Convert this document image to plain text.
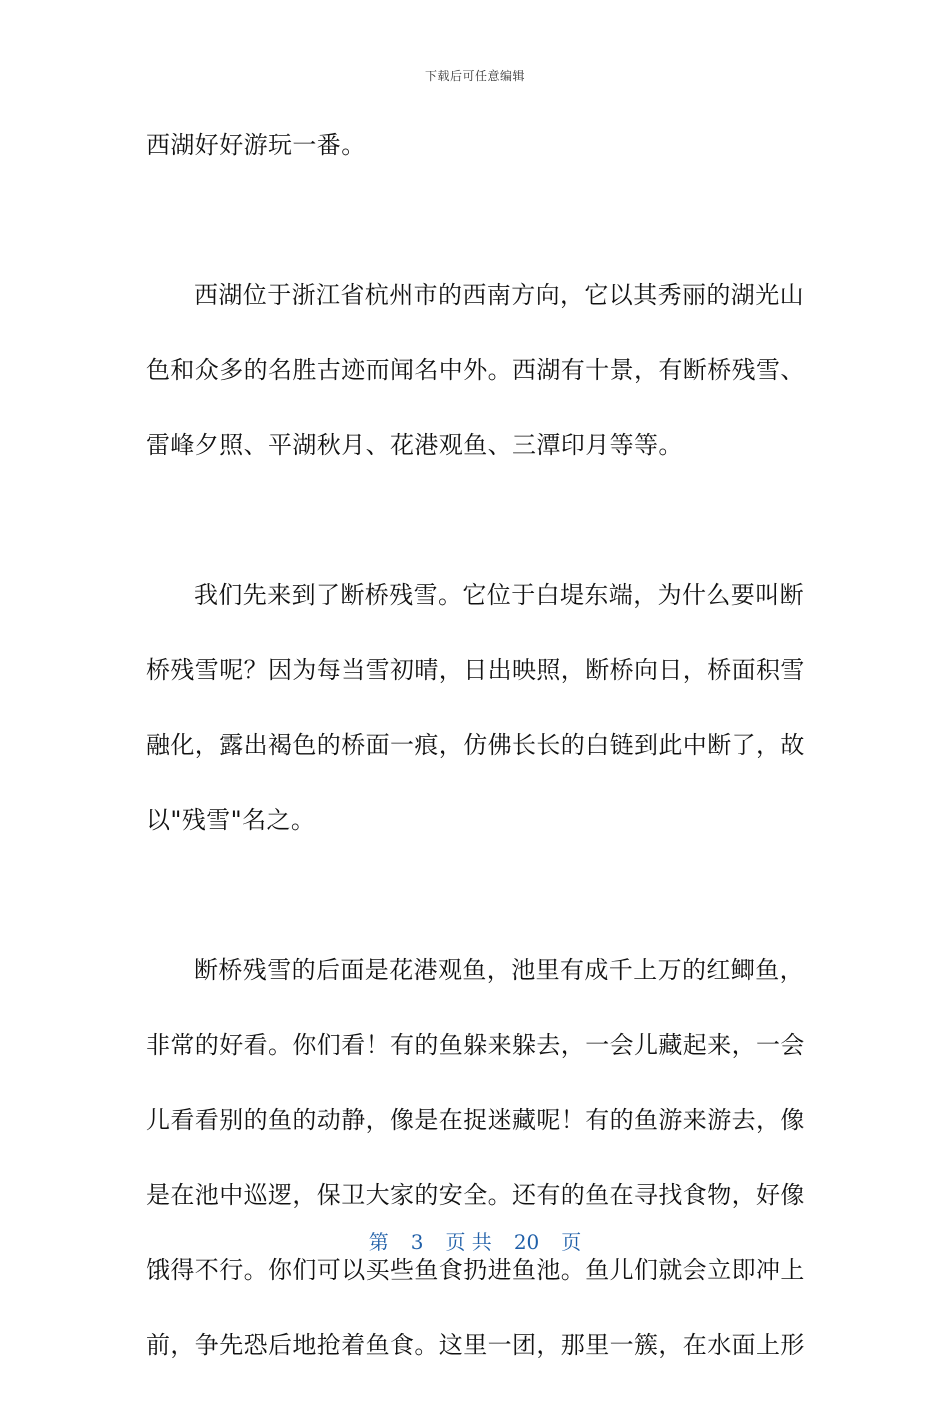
下载后可任意编辑
西湖好好游玩一番。
西湖位于浙江省杭州市的西南方向，它以其秀丽的湖光山
色和众多的名胜古迹而闻名中外。西湖有十景，有断桥残雪、
雷峰夕照、平湖秋月、花港观鱼、三潭印月等等。
我们先来到了断桥残雪。它位于白堤东端，为什么要叫断
桥残雪呢？因为每当雪初晴，日出映照，断桥向日，桥面积雪
融化，露出褐色的桥面一痕，仿佛长长的白链到此中断了，故
以"残雪"名之。
断桥残雪的后面是花港观鱼，池里有成千上万的红鲫鱼，
非常的好看。你们看！有的鱼躲来躲去，一会儿藏起来，一会
儿看看别的鱼的动静，像是在捉迷藏呢！有的鱼游来游去，像
是在池中巡逻，保卫大家的安全。还有的鱼在寻找食物，好像
饿得不行。你们可以买些鱼食扔进鱼池。鱼儿们就会立即冲上
前，争先恐后地抢着鱼食。这里一团，那里一簇，在水面上形
第 3 页 共 20 页
